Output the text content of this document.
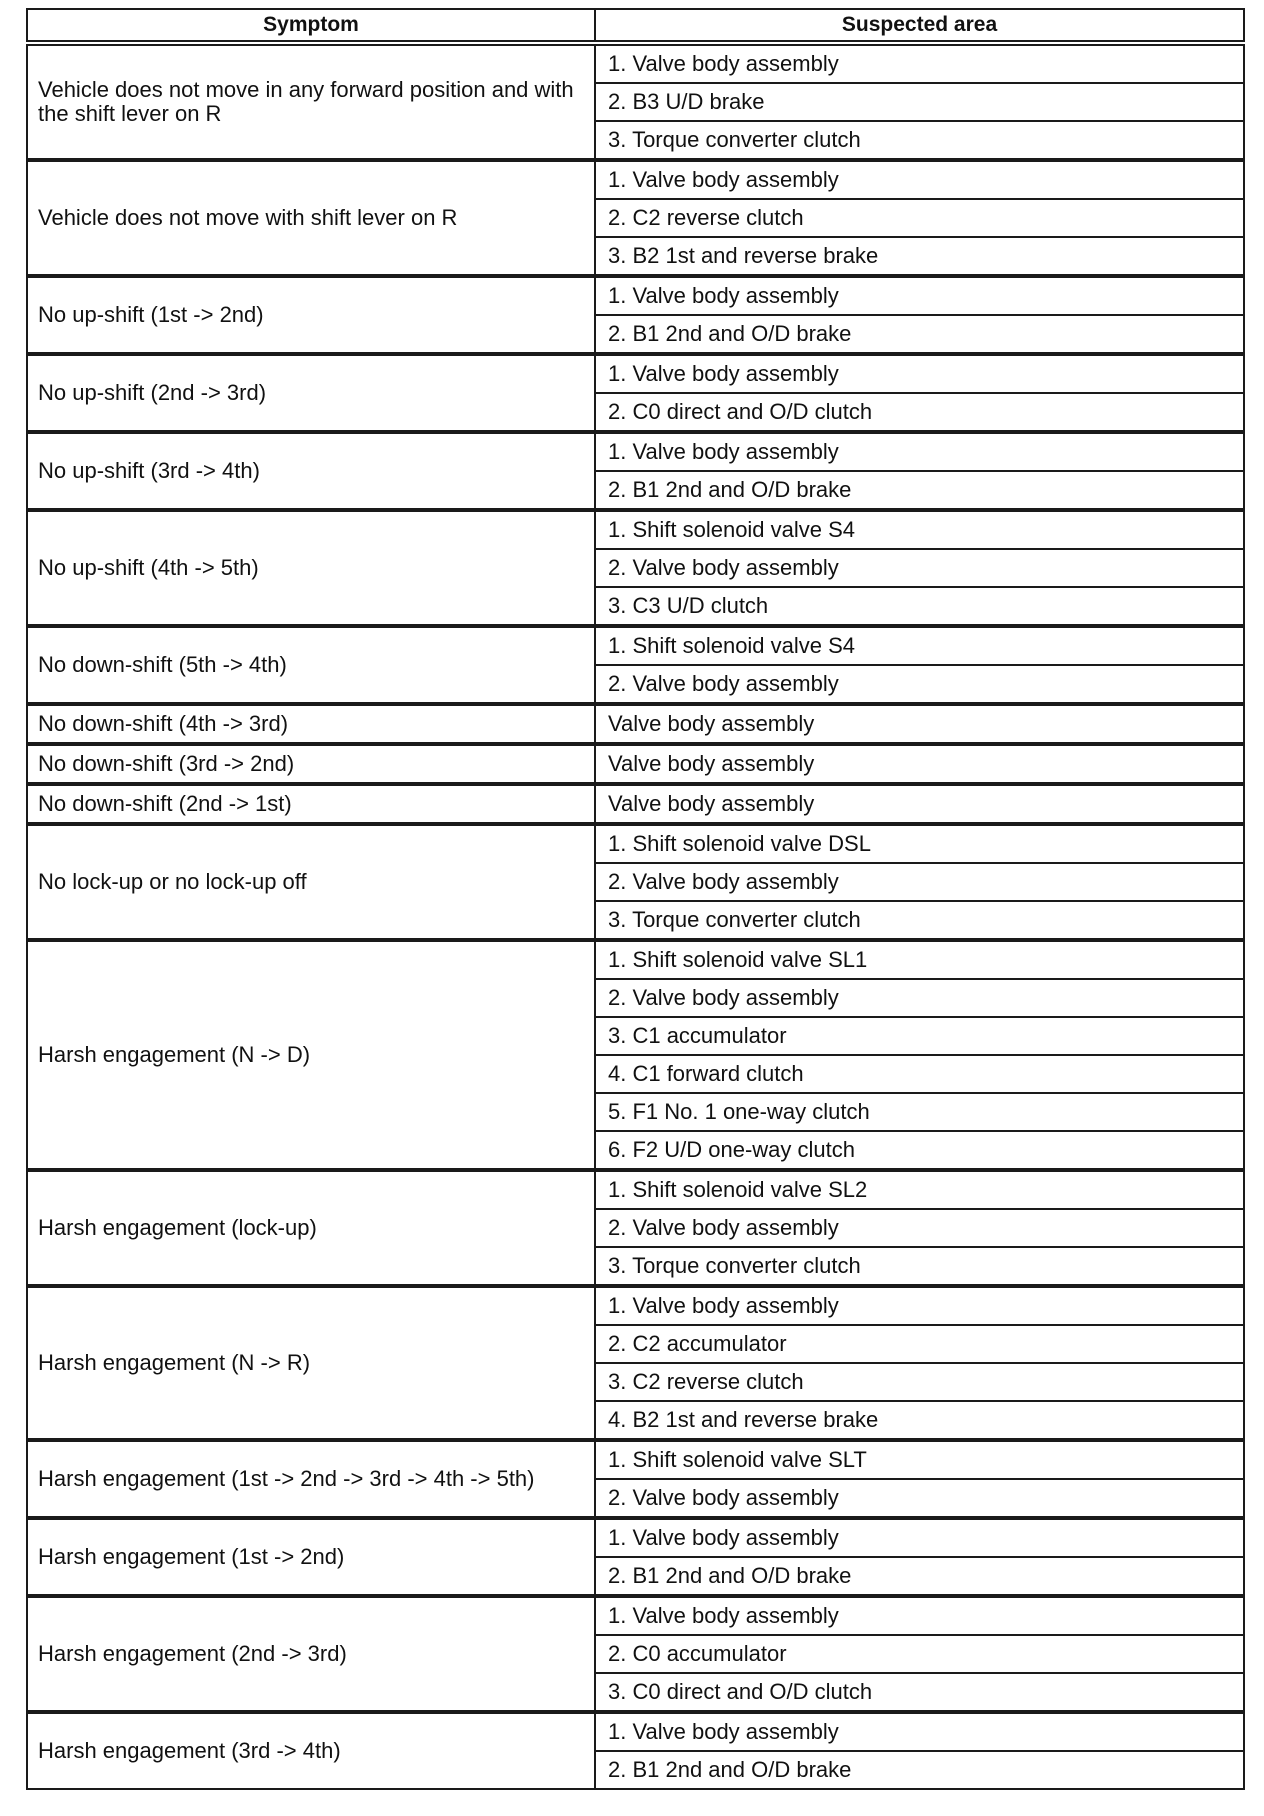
Symptom	Suspected area
Vehicle does not move in any forward position and with the shift lever on R	1. Valve body assembly
	2. B3 U/D brake
	3. Torque converter clutch
Vehicle does not move with shift lever on R	1. Valve body assembly
	2. C2 reverse clutch
	3. B2 1st and reverse brake
No up-shift (1st -> 2nd)	1. Valve body assembly
	2. B1 2nd and O/D brake
No up-shift (2nd -> 3rd)	1. Valve body assembly
	2. C0 direct and O/D clutch
No up-shift (3rd -> 4th)	1. Valve body assembly
	2. B1 2nd and O/D brake
No up-shift (4th -> 5th)	1. Shift solenoid valve S4
	2. Valve body assembly
	3. C3 U/D clutch
No down-shift (5th -> 4th)	1. Shift solenoid valve S4
	2. Valve body assembly
No down-shift (4th -> 3rd)	Valve body assembly
No down-shift (3rd -> 2nd)	Valve body assembly
No down-shift (2nd -> 1st)	Valve body assembly
No lock-up or no lock-up off	1. Shift solenoid valve DSL
	2. Valve body assembly
	3. Torque converter clutch
Harsh engagement (N -> D)	1. Shift solenoid valve SL1
	2. Valve body assembly
	3. C1 accumulator
	4. C1 forward clutch
	5. F1 No. 1 one-way clutch
	6. F2 U/D one-way clutch
Harsh engagement (lock-up)	1. Shift solenoid valve SL2
	2. Valve body assembly
	3. Torque converter clutch
Harsh engagement (N -> R)	1. Valve body assembly
	2. C2 accumulator
	3. C2 reverse clutch
	4. B2 1st and reverse brake
Harsh engagement (1st -> 2nd -> 3rd -> 4th -> 5th)	1. Shift solenoid valve SLT
	2. Valve body assembly
Harsh engagement (1st -> 2nd)	1. Valve body assembly
	2. B1 2nd and O/D brake
Harsh engagement (2nd -> 3rd)	1. Valve body assembly
	2. C0 accumulator
	3. C0 direct and O/D clutch
Harsh engagement (3rd -> 4th)	1. Valve body assembly
	2. B1 2nd and O/D brake
